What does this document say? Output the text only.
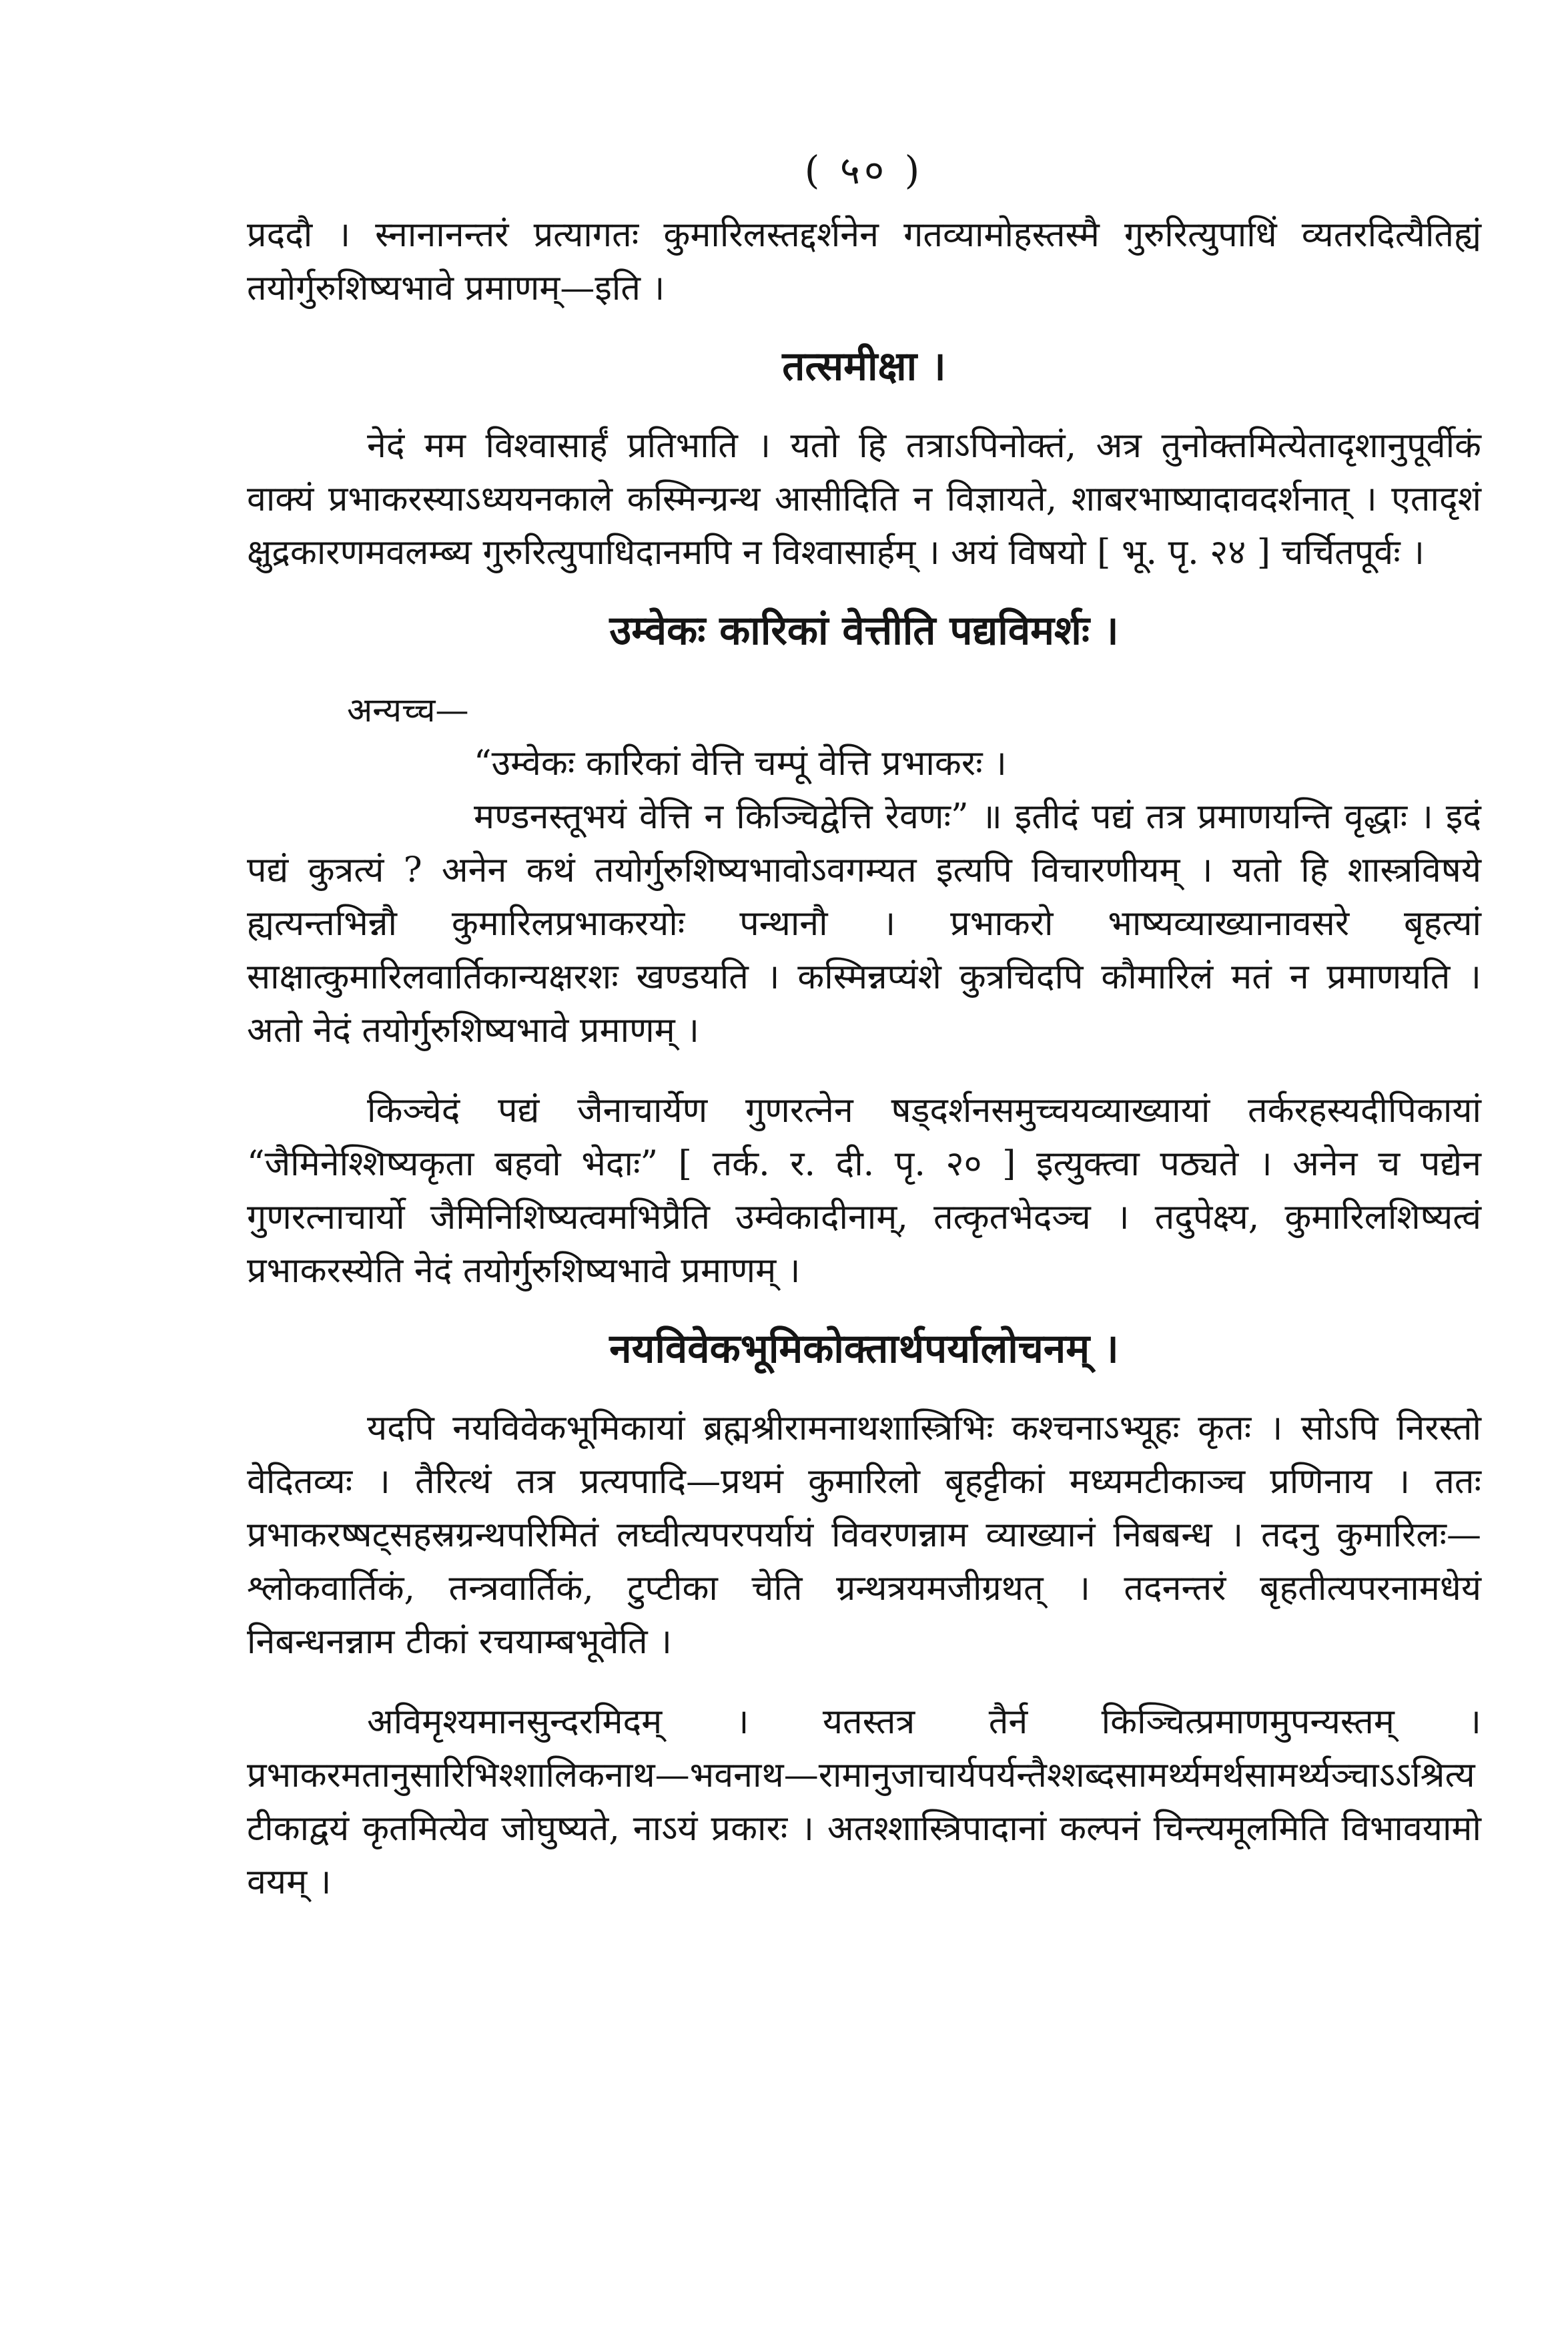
( ५० )

प्रददौ । स्नानानन्तरं प्रत्यागतः कुमारिलस्तद्दर्शनेन गतव्यामोहस्तस्मै गुरुरित्युपाधिं व्यतरदित्यैतिह्यं तयोर्गुरुशिष्यभावे प्रमाणम्—इति ।

तत्समीक्षा ।

नेदं मम विश्वासार्हं प्रतिभाति । यतो हि तत्राऽपिनोक्तं, अत्र तुनोक्तमित्येतादृशानुपूर्वीकं वाक्यं प्रभाकरस्याऽध्ययनकाले कस्मिन्ग्रन्थ आसीदिति न विज्ञायते, शाबरभाष्यादावदर्शनात् । एतादृशं क्षुद्रकारणमवलम्ब्य गुरुरित्युपाधिदानमपि न विश्वासार्हम् । अयं विषयो [ भू. पृ. २४ ] चर्चितपूर्वः ।

उम्वेकः कारिकां वेत्तीति पद्यविमर्शः ।

अन्यच्च—

“उम्वेकः कारिकां वेत्ति चम्पूं वेत्ति प्रभाकरः ।

मण्डनस्तूभयं वेत्ति न किञ्चिद्वेत्ति रेवणः” ॥ इतीदं पद्यं तत्र प्रमाणयन्ति वृद्धाः । इदं पद्यं कुत्रत्यं ? अनेन कथं तयोर्गुरुशिष्यभावोऽवगम्यत इत्यपि विचारणीयम् । यतो हि शास्त्रविषये ह्यत्यन्तभिन्नौ कुमारिलप्रभाकरयोः पन्थानौ । प्रभाकरो भाष्यव्याख्यानावसरे बृहत्यां साक्षात्कुमारिलवार्तिकान्यक्षरशः खण्डयति । कस्मिन्नप्यंशे कुत्रचिदपि कौमारिलं मतं न प्रमाणयति । अतो नेदं तयोर्गुरुशिष्यभावे प्रमाणम् ।

किञ्चेदं पद्यं जैनाचार्येण गुणरत्नेन षड्दर्शनसमुच्चयव्याख्यायां तर्करहस्यदीपिकायां “जैमिनेश्शिष्यकृता बहवो भेदाः” [ तर्क. र. दी. पृ. २० ] इत्युक्त्वा पठ्यते । अनेन च पद्येन गुणरत्नाचार्यो जैमिनिशिष्यत्वमभिप्रैति उम्वेकादीनाम्, तत्कृतभेदञ्च । तदुपेक्ष्य, कुमारिलशिष्यत्वं प्रभाकरस्येति नेदं तयोर्गुरुशिष्यभावे प्रमाणम् ।

नयविवेकभूमिकोक्तार्थपर्यालोचनम् ।

यदपि नयविवेकभूमिकायां ब्रह्मश्रीरामनाथशास्त्रिभिः कश्चनाऽभ्यूहः कृतः । सोऽपि निरस्तो वेदितव्यः । तैरित्थं तत्र प्रत्यपादि—प्रथमं कुमारिलो बृहट्टीकां मध्यमटीकाञ्च प्रणिनाय । ततः प्रभाकरष्षट्सहस्रग्रन्थपरिमितं लघ्वीत्यपरपर्यायं विवरणन्नाम व्याख्यानं निबबन्ध । तदनु कुमारिलः—श्लोकवार्तिकं, तन्त्रवार्तिकं, टुप्टीका चेति ग्रन्थत्रयमजीग्रथत् । तदनन्तरं बृहतीत्यपरनामधेयं निबन्धनन्नाम टीकां रचयाम्बभूवेति ।

अविमृश्यमानसुन्दरमिदम् । यतस्तत्र तैर्न किञ्चित्प्रमाणमुपन्यस्तम् । प्रभाकरमतानुसारिभिश्शालिकनाथ—भवनाथ—रामानुजाचार्यपर्यन्तैश्शब्दसामर्थ्यमर्थसामर्थ्यञ्चाऽऽश्रित्य टीकाद्वयं कृतमित्येव जोघुष्यते, नाऽयं प्रकारः । अतश्शास्त्रिपादानां कल्पनं चिन्त्यमूलमिति विभावयामो वयम् ।
